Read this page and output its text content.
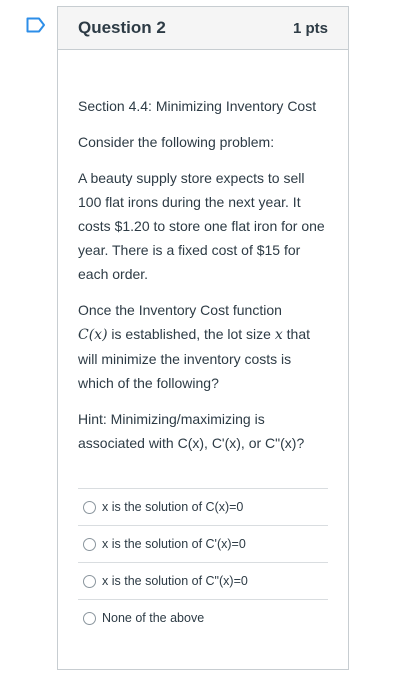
Question 2	1 pts

Section 4.4: Minimizing Inventory Cost

Consider the following problem:

A beauty supply store expects to sell 100 flat irons during the next year. It costs $1.20 to store one flat iron for one year. There is a fixed cost of $15 for each order.

Once the Inventory Cost function
C(x) is established, the lot size x that will minimize the inventory costs is which of the following?

Hint: Minimizing/maximizing is associated with C(x), C'(x), or C"(x)?

x is the solution of C(x)=0
x is the solution of C'(x)=0
x is the solution of C"(x)=0
None of the above
